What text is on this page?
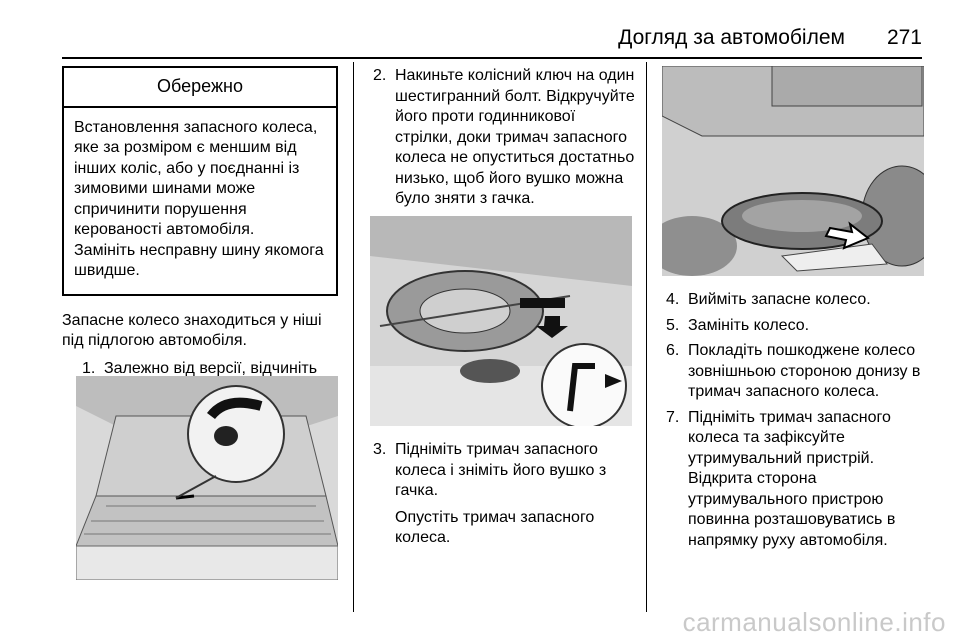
Догляд за автомобілем 271
Обережно

Встановлення запасного колеса, яке за розміром є меншим від інших коліс, або у поєднанні із зимовими шинами може спричинити порушення керованості автомобіля.

Замініть несправну шину якомога швидше.

Запасне колесо знаходиться у ніші під підлогою автомобіля.

1. Залежно від версії, відчиніть
2. Накиньте колісний ключ на один шестигранний болт. Відкручуйте його проти годинникової стрілки, доки тримач запасного колеса не опуститься достатньо низько, щоб його вушко можна було зняти з гачка.
3. Підніміть тримач запасного колеса і зніміть його вушко з гачка.
Опустіть тримач запасного колеса.
4. Вийміть запасне колесо.
5. Замініть колесо.
6. Покладіть пошкоджене колесо зовнішньою стороною донизу в тримач запасного колеса.
7. Підніміть тримач запасного колеса та зафіксуйте утримувальний пристрій. Відкрита сторона утримувального пристрою повинна розташовуватись в напрямку руху автомобіля.
carmanualsonline.info
